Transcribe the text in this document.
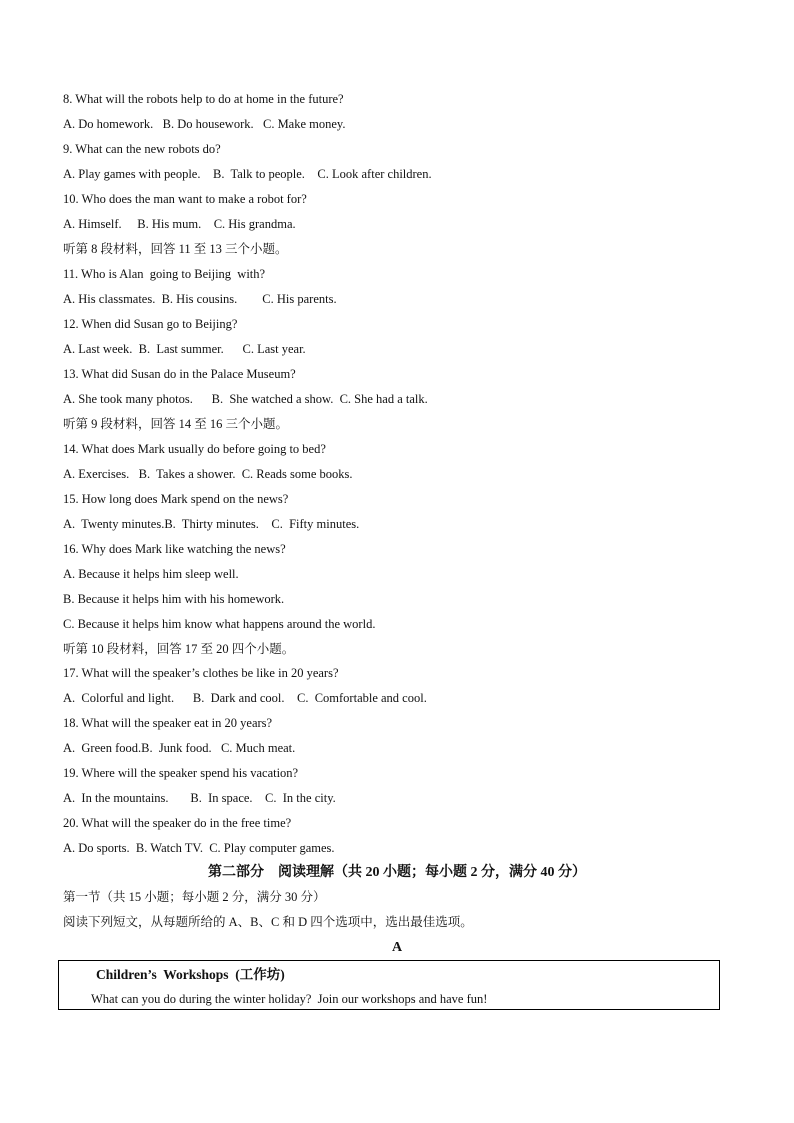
8. What will the robots help to do at home in the future?
A. Do homework.   B. Do housework.   C. Make money.
9. What can the new robots do?
A. Play games with people.    B.  Talk to people.    C. Look after children.
10. Who does the man want to make a robot for?
A. Himself.     B. His mum.    C. His grandma.
听第 8 段材料，回答 11 至 13 三个小题。
11. Who is Alan  going to Beijing  with?
A. His classmates.  B. His cousins.        C. His parents.
12. When did Susan go to Beijing?
A. Last week.  B.  Last summer.      C. Last year.
13. What did Susan do in the Palace Museum?
A. She took many photos.      B.  She watched a show.  C. She had a talk.
听第 9 段材料，回答 14 至 16 三个小题。
14. What does Mark usually do before going to bed?
A. Exercises.   B.  Takes a shower.  C. Reads some books.
15. How long does Mark spend on the news?
A.  Twenty minutes.B.  Thirty minutes.    C.  Fifty minutes.
16. Why does Mark like watching the news?
A. Because it helps him sleep well.
B. Because it helps him with his homework.
C. Because it helps him know what happens around the world.
听第 10 段材料，回答 17 至 20 四个小题。
17. What will the speaker’s clothes be like in 20 years?
A.  Colorful and light.      B.  Dark and cool.    C.  Comfortable and cool.
18. What will the speaker eat in 20 years?
A.  Green food.B.  Junk food.   C. Much meat.
19. Where will the speaker spend his vacation?
A.  In the mountains.       B.  In space.    C.  In the city.
20. What will the speaker do in the free time?
A. Do sports.  B. Watch TV.  C. Play computer games.
第二部分    阅读理解（共 20 小题；每小题 2 分，满分 40 分）
第一节（共 15 小题；每小题 2 分，满分 30 分）
阅读下列短文，从每题所给的 A、B、C 和 D 四个选项中，选出最佳选项。
A
Children’s  Workshops  (工作坊)
What can you do during the winter holiday?  Join our workshops and have fun!
